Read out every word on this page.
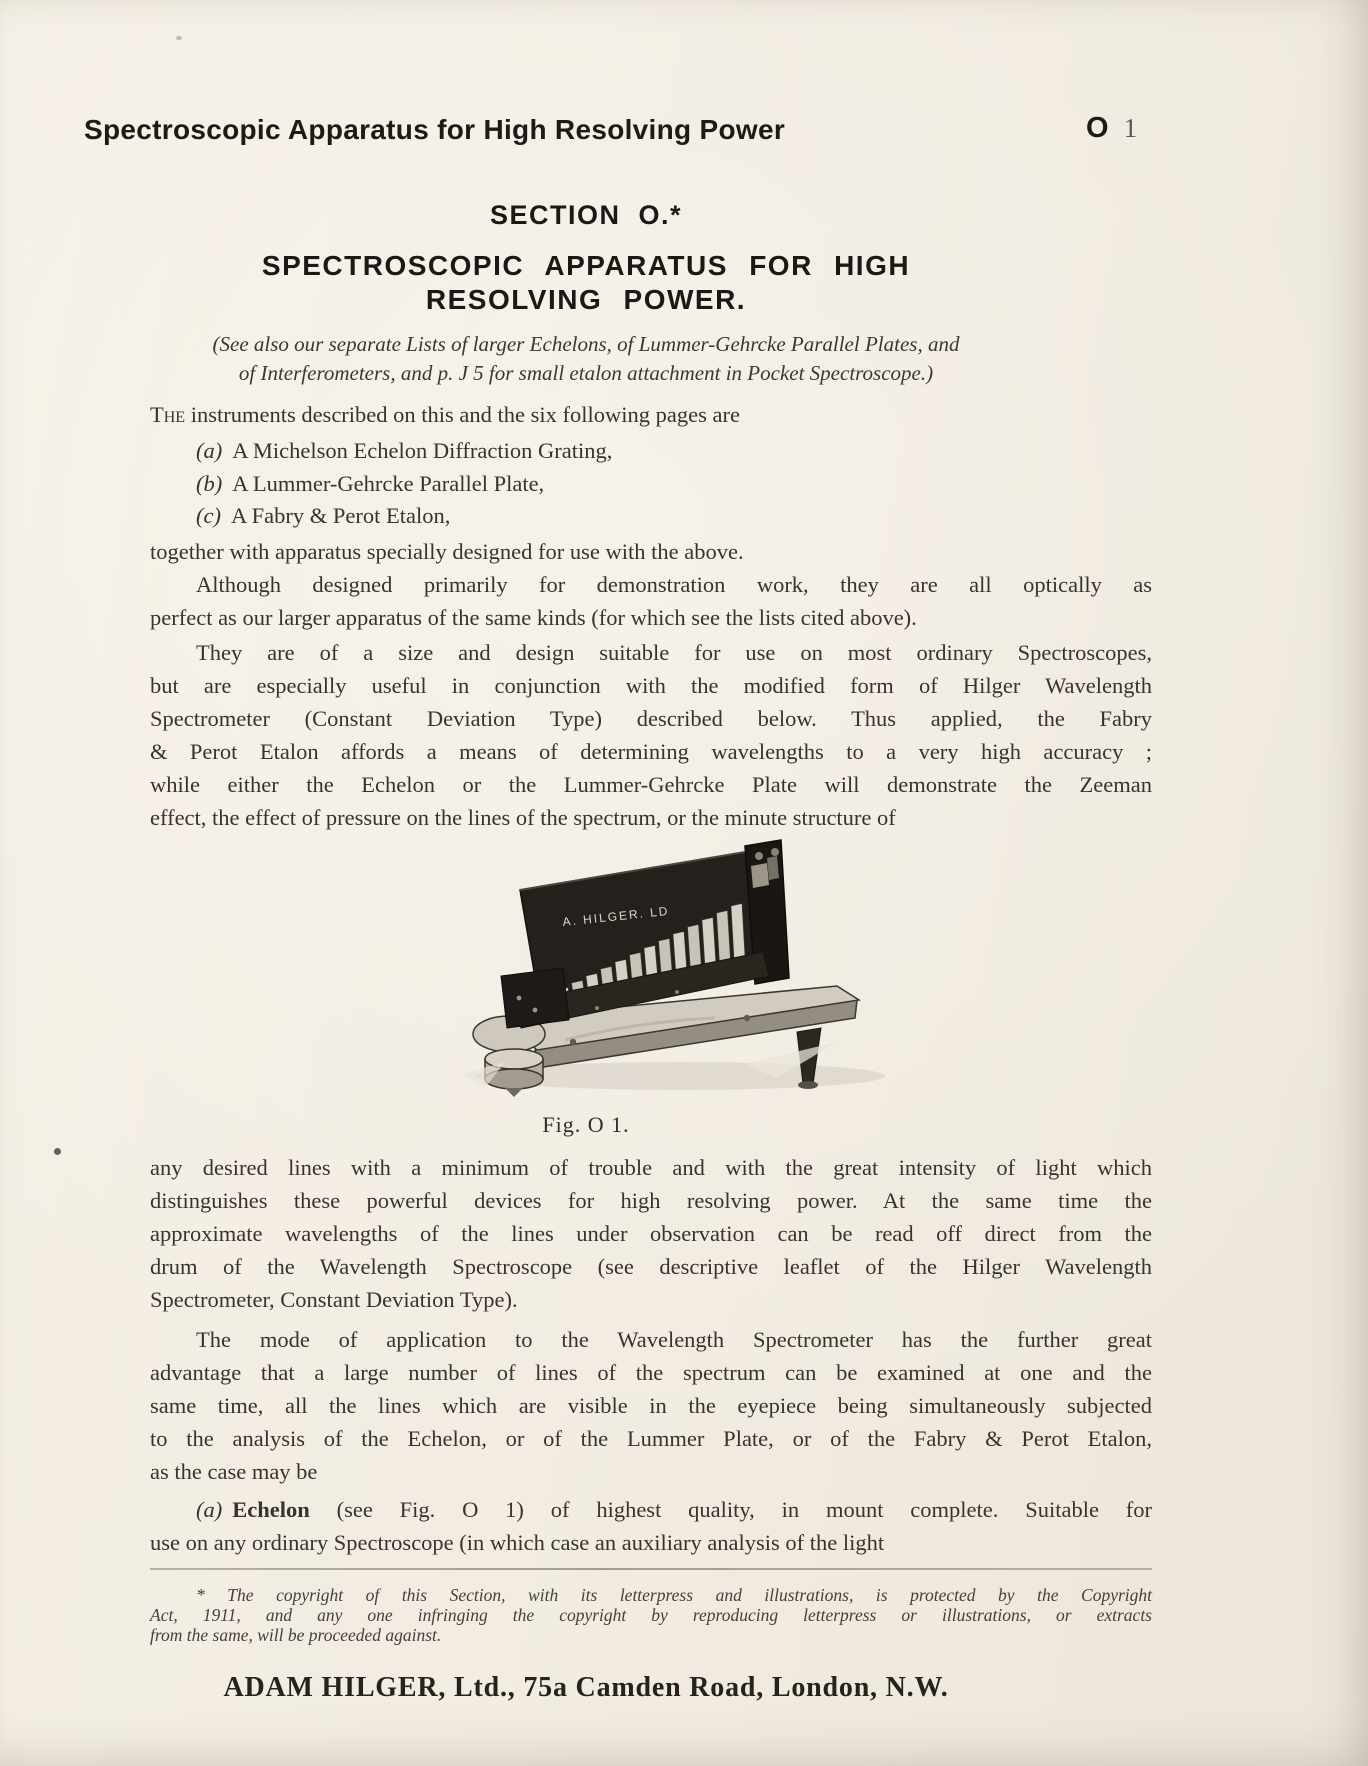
Spectroscopic Apparatus for High Resolving Power	O 1
SECTION O.*
SPECTROSCOPIC APPARATUS FOR HIGH
RESOLVING POWER.
(See also our separate Lists of larger Echelons, of Lummer-Gehrcke Parallel Plates, and
of Interferometers, and p. J 5 for small etalon attachment in Pocket Spectroscope.)
The instruments described on this and the six following pages are
(a) A Michelson Echelon Diffraction Grating,
(b) A Lummer-Gehrcke Parallel Plate,
(c) A Fabry & Perot Etalon,
together with apparatus specially designed for use with the above.
Although designed primarily for demonstration work, they are all optically as
perfect as our larger apparatus of the same kinds (for which see the lists cited above).
They are of a size and design suitable for use on most ordinary Spectroscopes,
but are especially useful in conjunction with the modified form of Hilger Wavelength
Spectrometer (Constant Deviation Type) described below. Thus applied, the Fabry
& Perot Etalon affords a means of determining wavelengths to a very high accuracy ;
while either the Echelon or the Lummer-Gehrcke Plate will demonstrate the Zeeman
effect, the effect of pressure on the lines of the spectrum, or the minute structure of
A. HILGER. LD
Fig. O 1.
any desired lines with a minimum of trouble and with the great intensity of light which
distinguishes these powerful devices for high resolving power. At the same time the
approximate wavelengths of the lines under observation can be read off direct from the
drum of the Wavelength Spectroscope (see descriptive leaflet of the Hilger Wavelength
Spectrometer, Constant Deviation Type).
The mode of application to the Wavelength Spectrometer has the further great
advantage that a large number of lines of the spectrum can be examined at one and the
same time, all the lines which are visible in the eyepiece being simultaneously subjected
to the analysis of the Echelon, or of the Lummer Plate, or of the Fabry & Perot Etalon,
as the case may be
(a) Echelon (see Fig. O 1) of highest quality, in mount complete. Suitable for
use on any ordinary Spectroscope (in which case an auxiliary analysis of the light
* The copyright of this Section, with its letterpress and illustrations, is protected by the Copyright
Act, 1911, and any one infringing the copyright by reproducing letterpress or illustrations, or extracts
from the same, will be proceeded against.
ADAM HILGER, Ltd., 75a Camden Road, London, N.W.
